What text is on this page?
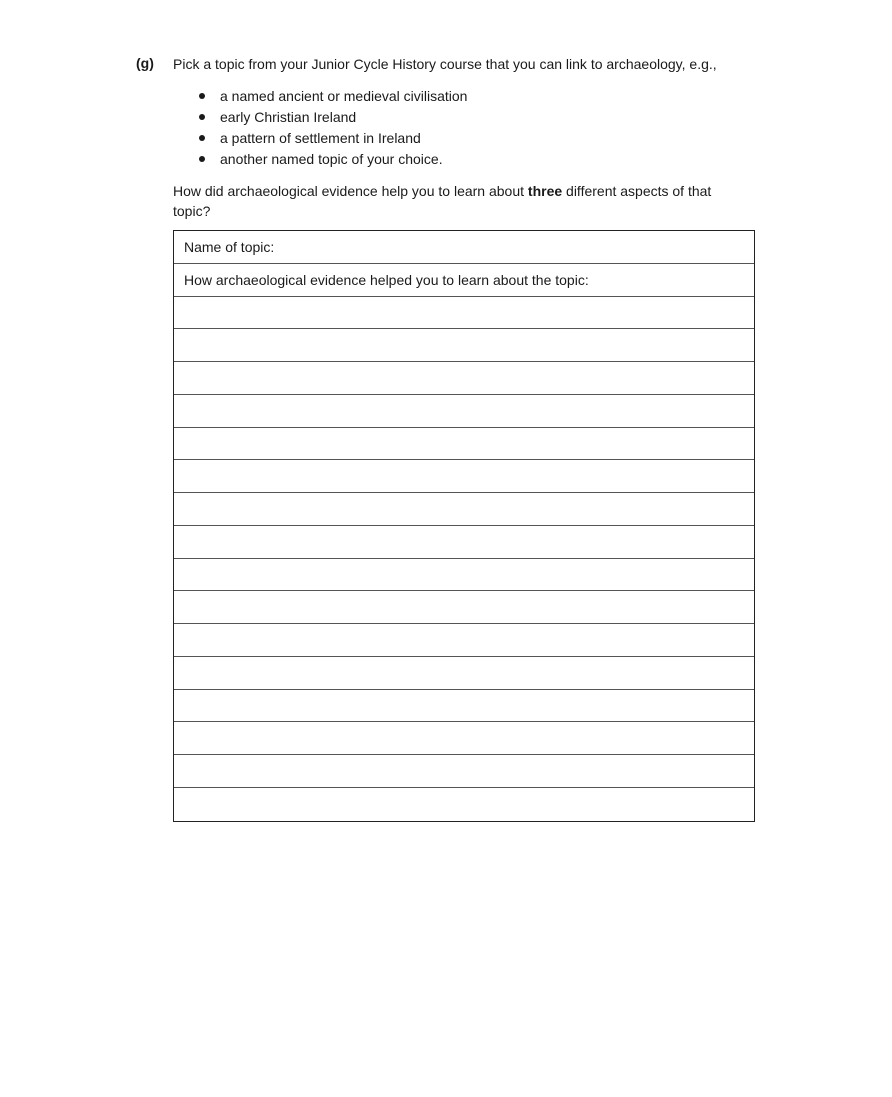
(g) Pick a topic from your Junior Cycle History course that you can link to archaeology, e.g.,
a named ancient or medieval civilisation
early Christian Ireland
a pattern of settlement in Ireland
another named topic of your choice.
How did archaeological evidence help you to learn about three different aspects of that topic?
Name of topic:
How archaeological evidence helped you to learn about the topic:
